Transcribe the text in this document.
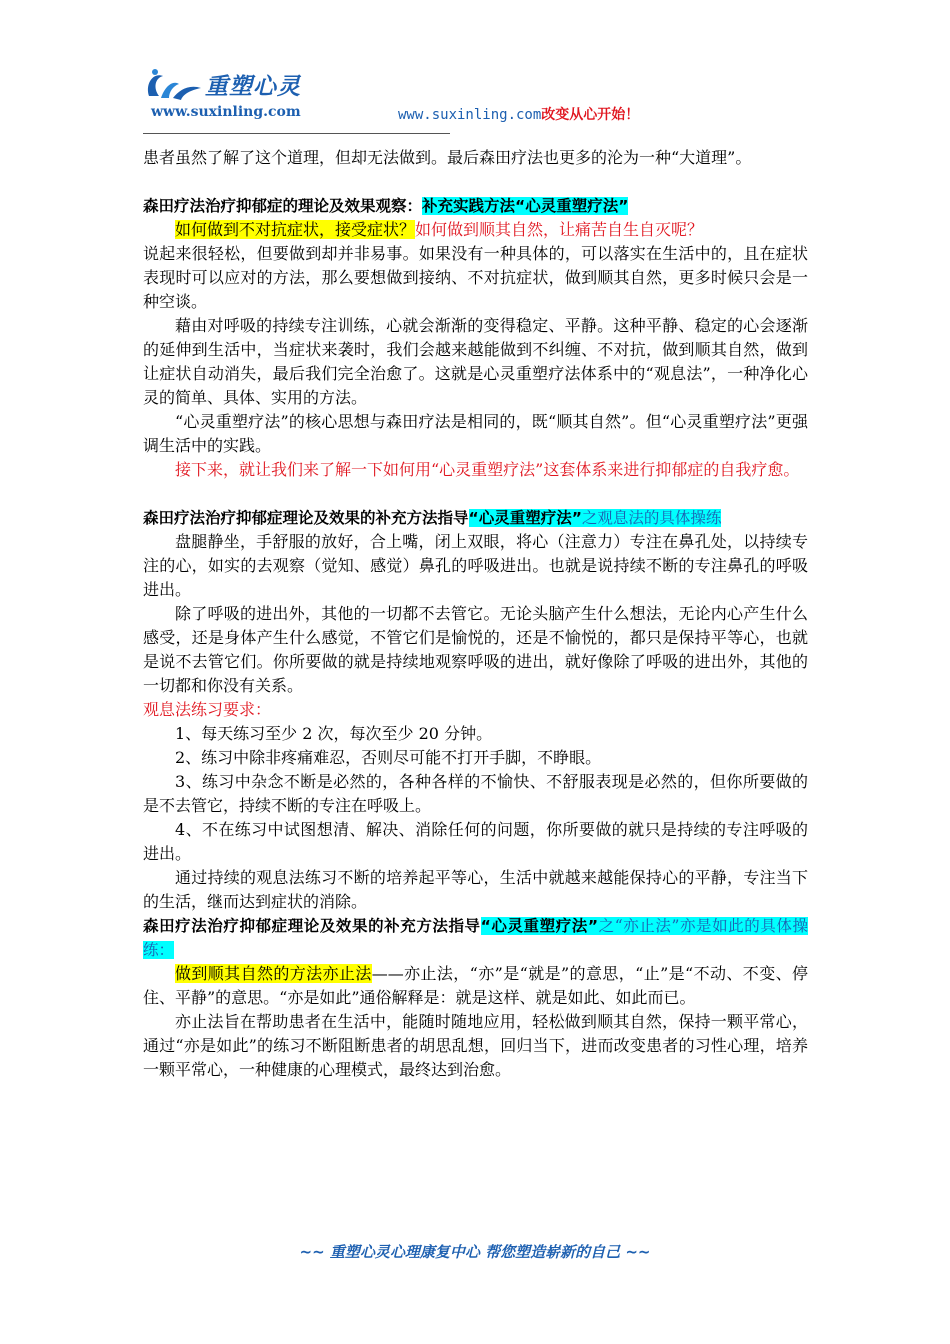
重塑心灵
www.suxinling.com	www.suxinling.com改变从心开始！

患者虽然了解了这个道理，但却无法做到。最后森田疗法也更多的沦为一种“大道理”。

森田疗法治疗抑郁症的理论及效果观察：补充实践方法“心灵重塑疗法”

如何做到不对抗症状，接受症状？如何做到顺其自然，让痛苦自生自灭呢？

说起来很轻松，但要做到却并非易事。如果没有一种具体的，可以落实在生活中的，且在症状表现时可以应对的方法，那么要想做到接纳、不对抗症状，做到顺其自然，更多时候只会是一种空谈。

藉由对呼吸的持续专注训练，心就会渐渐的变得稳定、平静。这种平静、稳定的心会逐渐的延伸到生活中，当症状来袭时，我们会越来越能做到不纠缠、不对抗，做到顺其自然，做到让症状自动消失，最后我们完全治愈了。这就是心灵重塑疗法体系中的“观息法”，一种净化心灵的简单、具体、实用的方法。

“心灵重塑疗法”的核心思想与森田疗法是相同的，既“顺其自然”。但“心灵重塑疗法”更强调生活中的实践。

接下来，就让我们来了解一下如何用“心灵重塑疗法”这套体系来进行抑郁症的自我疗愈。

森田疗法治疗抑郁症理论及效果的补充方法指导“心灵重塑疗法”之观息法的具体操练

盘腿静坐，手舒服的放好，合上嘴，闭上双眼，将心（注意力）专注在鼻孔处，以持续专注的心，如实的去观察（觉知、感觉）鼻孔的呼吸进出。也就是说持续不断的专注鼻孔的呼吸进出。

除了呼吸的进出外，其他的一切都不去管它。无论头脑产生什么想法，无论内心产生什么感受，还是身体产生什么感觉，不管它们是愉悦的，还是不愉悦的，都只是保持平等心，也就是说不去管它们。你所要做的就是持续地观察呼吸的进出，就好像除了呼吸的进出外，其他的一切都和你没有关系。

观息法练习要求：

1、每天练习至少 2 次，每次至少 20 分钟。

2、练习中除非疼痛难忍，否则尽可能不打开手脚，不睁眼。

3、练习中杂念不断是必然的，各种各样的不愉快、不舒服表现是必然的，但你所要做的是不去管它，持续不断的专注在呼吸上。

4、不在练习中试图想清、解决、消除任何的问题，你所要做的就只是持续的专注呼吸的进出。

通过持续的观息法练习不断的培养起平等心，生活中就越来越能保持心的平静，专注当下的生活，继而达到症状的消除。

森田疗法治疗抑郁症理论及效果的补充方法指导“心灵重塑疗法”之“亦止法”亦是如此的具体操练：

做到顺其自然的方法亦止法——亦止法，“亦”是“就是”的意思，“止”是“不动、不变、停住、平静”的意思。“亦是如此”通俗解释是：就是这样、就是如此、如此而已。

亦止法旨在帮助患者在生活中，能随时随地应用，轻松做到顺其自然，保持一颗平常心，通过“亦是如此”的练习不断阻断患者的胡思乱想，回归当下，进而改变患者的习性心理，培养一颗平常心，一种健康的心理模式，最终达到治愈。

~~ 重塑心灵心理康复中心 帮您塑造崭新的自己 ~~
